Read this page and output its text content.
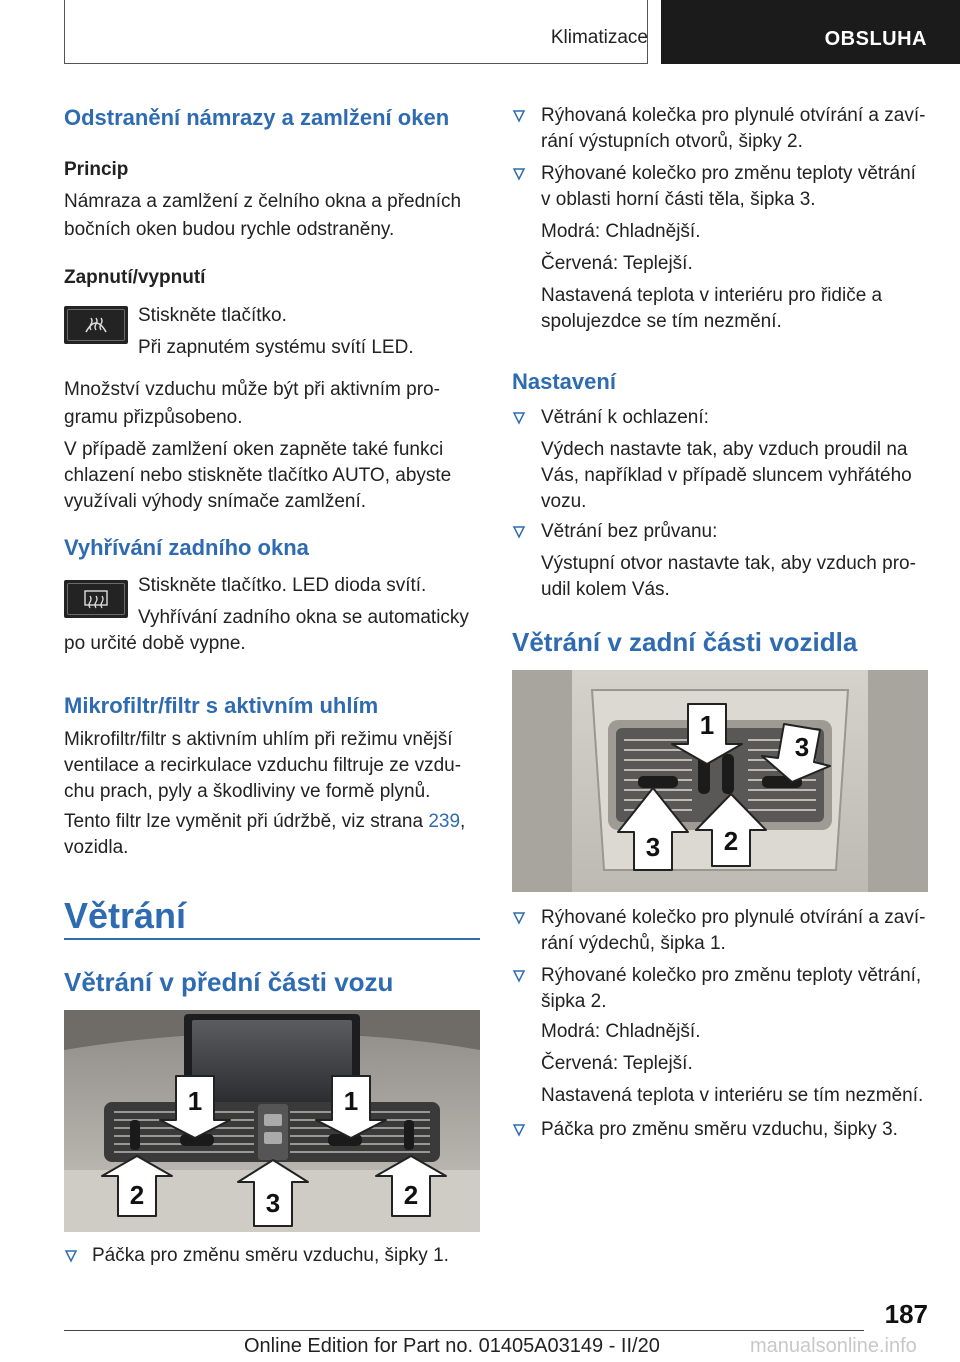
Klimatizace	OBSLUHA

Odstranění námrazy a zamlžení oken

Princip

Námraza a zamlžení z čelního okna a předních

bočních oken budou rychle odstraněny.

Zapnutí/vypnutí

Stiskněte tlačítko.

Při zapnutém systému svítí LED.

Množství vzduchu může být při aktivním pro‐

gramu přizpůsobeno.

V případě zamlžení oken zapněte také funkci

chlazení nebo stiskněte tlačítko AUTO, abyste

využívali výhody snímače zamlžení.

Vyhřívání zadního okna

Stiskněte tlačítko. LED dioda svítí.

Vyhřívání zadního okna se automaticky

po určité době vypne.

Mikrofiltr/filtr s aktivním uhlím

Mikrofiltr/filtr s aktivním uhlím při režimu vnější

ventilace a recirkulace vzduchu filtruje ze vzdu‐

chu prach, pyly a škodliviny ve formě plynů.

Tento filtr lze vyměnit při údržbě, viz strana 239,

vozidla.

Větrání

Větrání v přední části vozu

1	1
2	3	2

Páčka pro změnu směru vzduchu, šipky 1.

Rýhovaná kolečka pro plynulé otvírání a zaví‐

rání výstupních otvorů, šipky 2.

Rýhované kolečko pro změnu teploty větrání

v oblasti horní části těla, šipka 3.

Modrá: Chladnější.

Červená: Teplejší.

Nastavená teplota v interiéru pro řidiče a

spolujezdce se tím nezmění.

Nastavení

Větrání k ochlazení:

Výdech nastavte tak, aby vzduch proudil na

Vás, například v případě sluncem vyhřátého

vozu.

Větrání bez průvanu:

Výstupní otvor nastavte tak, aby vzduch pro‐

udil kolem Vás.

Větrání v zadní části vozidla

1
2
3
3

Rýhované kolečko pro plynulé otvírání a zaví‐

rání výdechů, šipka 1.

Rýhované kolečko pro změnu teploty větrání,

šipka 2.

Modrá: Chladnější.

Červená: Teplejší.

Nastavená teplota v interiéru se tím nezmění.

Páčka pro změnu směru vzduchu, šipky 3.

187
Online Edition for Part no. 01405A03149 - II/20	manualsonline.info
